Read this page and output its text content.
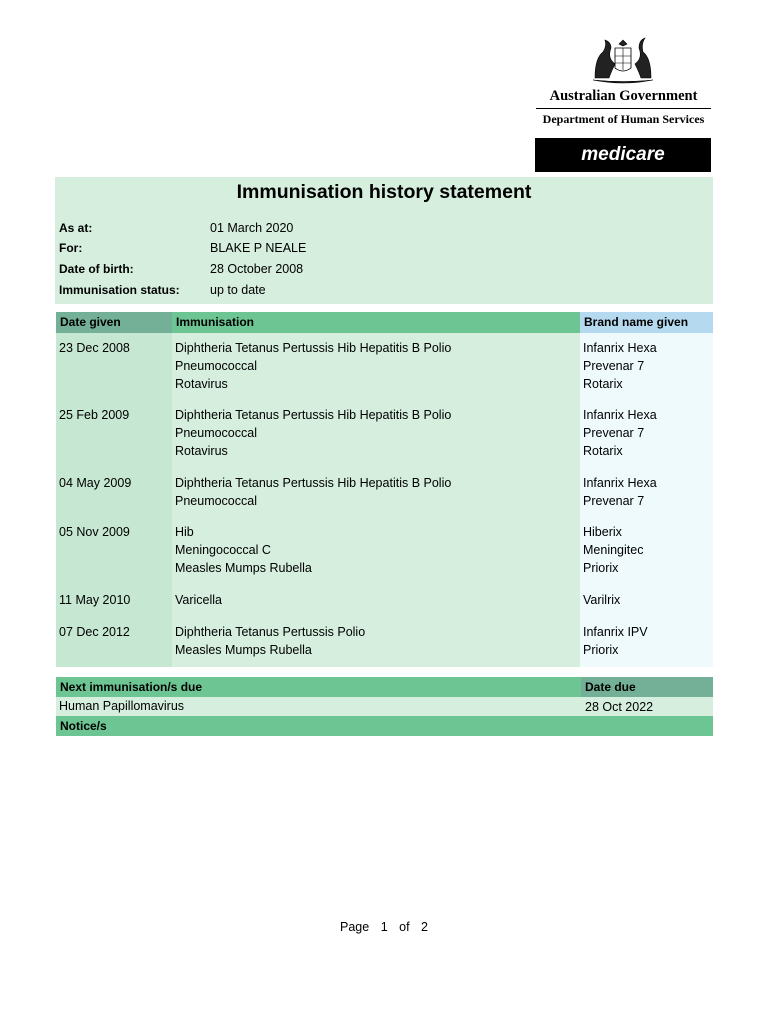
Australian Government
Department of Human Services
medicare
Immunisation history statement
As at:	01 March 2020
For:	BLAKE P NEALE
Date of birth:	28 October 2008
Immunisation status: up to date
Date given	Immunisation	Brand name given
23 Dec 2008	Diphtheria Tetanus Pertussis Hib Hepatitis B Polio	Infanrix Hexa
Pneumococcal	Prevenar 7
Rotavirus	Rotarix
25 Feb 2009	Diphtheria Tetanus Pertussis Hib Hepatitis B Polio	Infanrix Hexa
Pneumococcal	Prevenar 7
Rotavirus	Rotarix
04 May 2009	Diphtheria Tetanus Pertussis Hib Hepatitis B Polio	Infanrix Hexa
Pneumococcal	Prevenar 7
05 Nov 2009	Hib	Hiberix
Meningococcal C	Meningitec
Measles Mumps Rubella	Priorix
11 May 2010	Varicella	Varilrix
07 Dec 2012	Diphtheria Tetanus Pertussis Polio	Infanrix IPV
Measles Mumps Rubella	Priorix
Next immunisation/s due	Date due
Human Papillomavirus	28 Oct 2022
Notice/s
Page 1 of 2
